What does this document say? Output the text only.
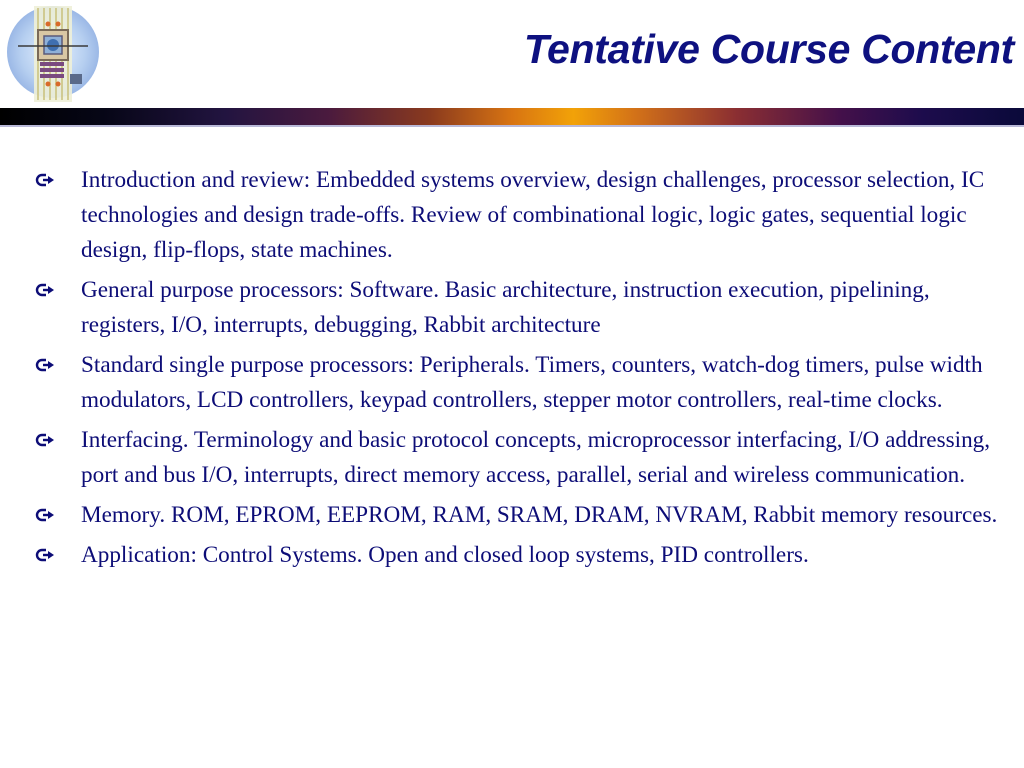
Tentative Course Content
Introduction and review: Embedded systems overview, design challenges, processor selection, IC technologies and design trade-offs. Review of combinational logic, logic gates, sequential logic design, flip-flops, state machines.
General purpose processors: Software. Basic architecture, instruction execution, pipelining, registers, I/O, interrupts, debugging, Rabbit architecture
Standard single purpose processors: Peripherals. Timers, counters, watch-dog timers, pulse width modulators, LCD controllers, keypad controllers, stepper motor controllers, real-time clocks.
Interfacing. Terminology and basic protocol concepts, microprocessor interfacing, I/O addressing, port and bus I/O, interrupts, direct memory access, parallel, serial and wireless communication.
Memory. ROM, EPROM, EEPROM, RAM, SRAM, DRAM, NVRAM, Rabbit memory resources.
Application: Control Systems. Open and closed loop systems, PID controllers.
